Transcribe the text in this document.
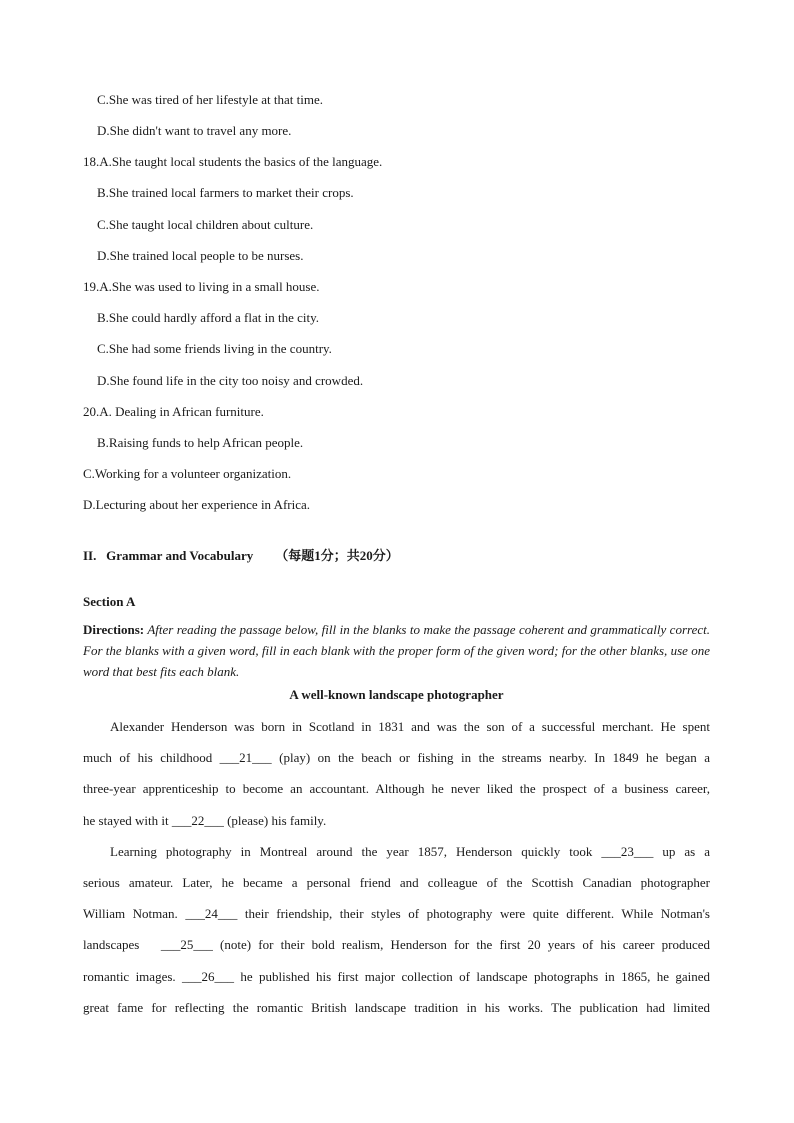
C.She was tired of her lifestyle at that time.
D.She didn't want to travel any more.
18.A.She taught local students the basics of the language.
B.She trained local farmers to market their crops.
C.She taught local children about culture.
D.She trained local people to be nurses.
19.A.She was used to living in a small house.
B.She could hardly afford a flat in the city.
C.She had some friends living in the country.
D.She found life in the city too noisy and crowded.
20.A. Dealing in African furniture.
B.Raising funds to help African people.
C.Working for a volunteer organization.
D.Lecturing about her experience in Africa.
II.   Grammar and Vocabulary （每题1分；共20分）
Section A
Directions: After reading the passage below, fill in the blanks to make the passage coherent and grammatically correct. For the blanks with a given word, fill in each blank with the proper form of the given word; for the other blanks, use one word that best fits each blank.
A well-known landscape photographer
Alexander Henderson was born in Scotland in 1831 and was the son of a successful merchant. He spent
much of his childhood ___21___ (play) on the beach or fishing in the streams nearby. In 1849 he began a
three-year apprenticeship to become an accountant. Although he never liked the prospect of a business career,
he stayed with it ___22___ (please) his family.
Learning photography in Montreal around the year 1857, Henderson quickly took ___23___ up as a
serious amateur. Later, he became a personal friend and colleague of the Scottish Canadian photographer
William Notman. ___24___ their friendship, their styles of photography were quite different. While Notman's
landscapes   ___25___ (note) for their bold realism, Henderson for the first 20 years of his career produced
romantic images. ___26___ he published his first major collection of landscape photographs in 1865, he gained
great fame for reflecting the romantic British landscape tradition in his works. The publication had limited
